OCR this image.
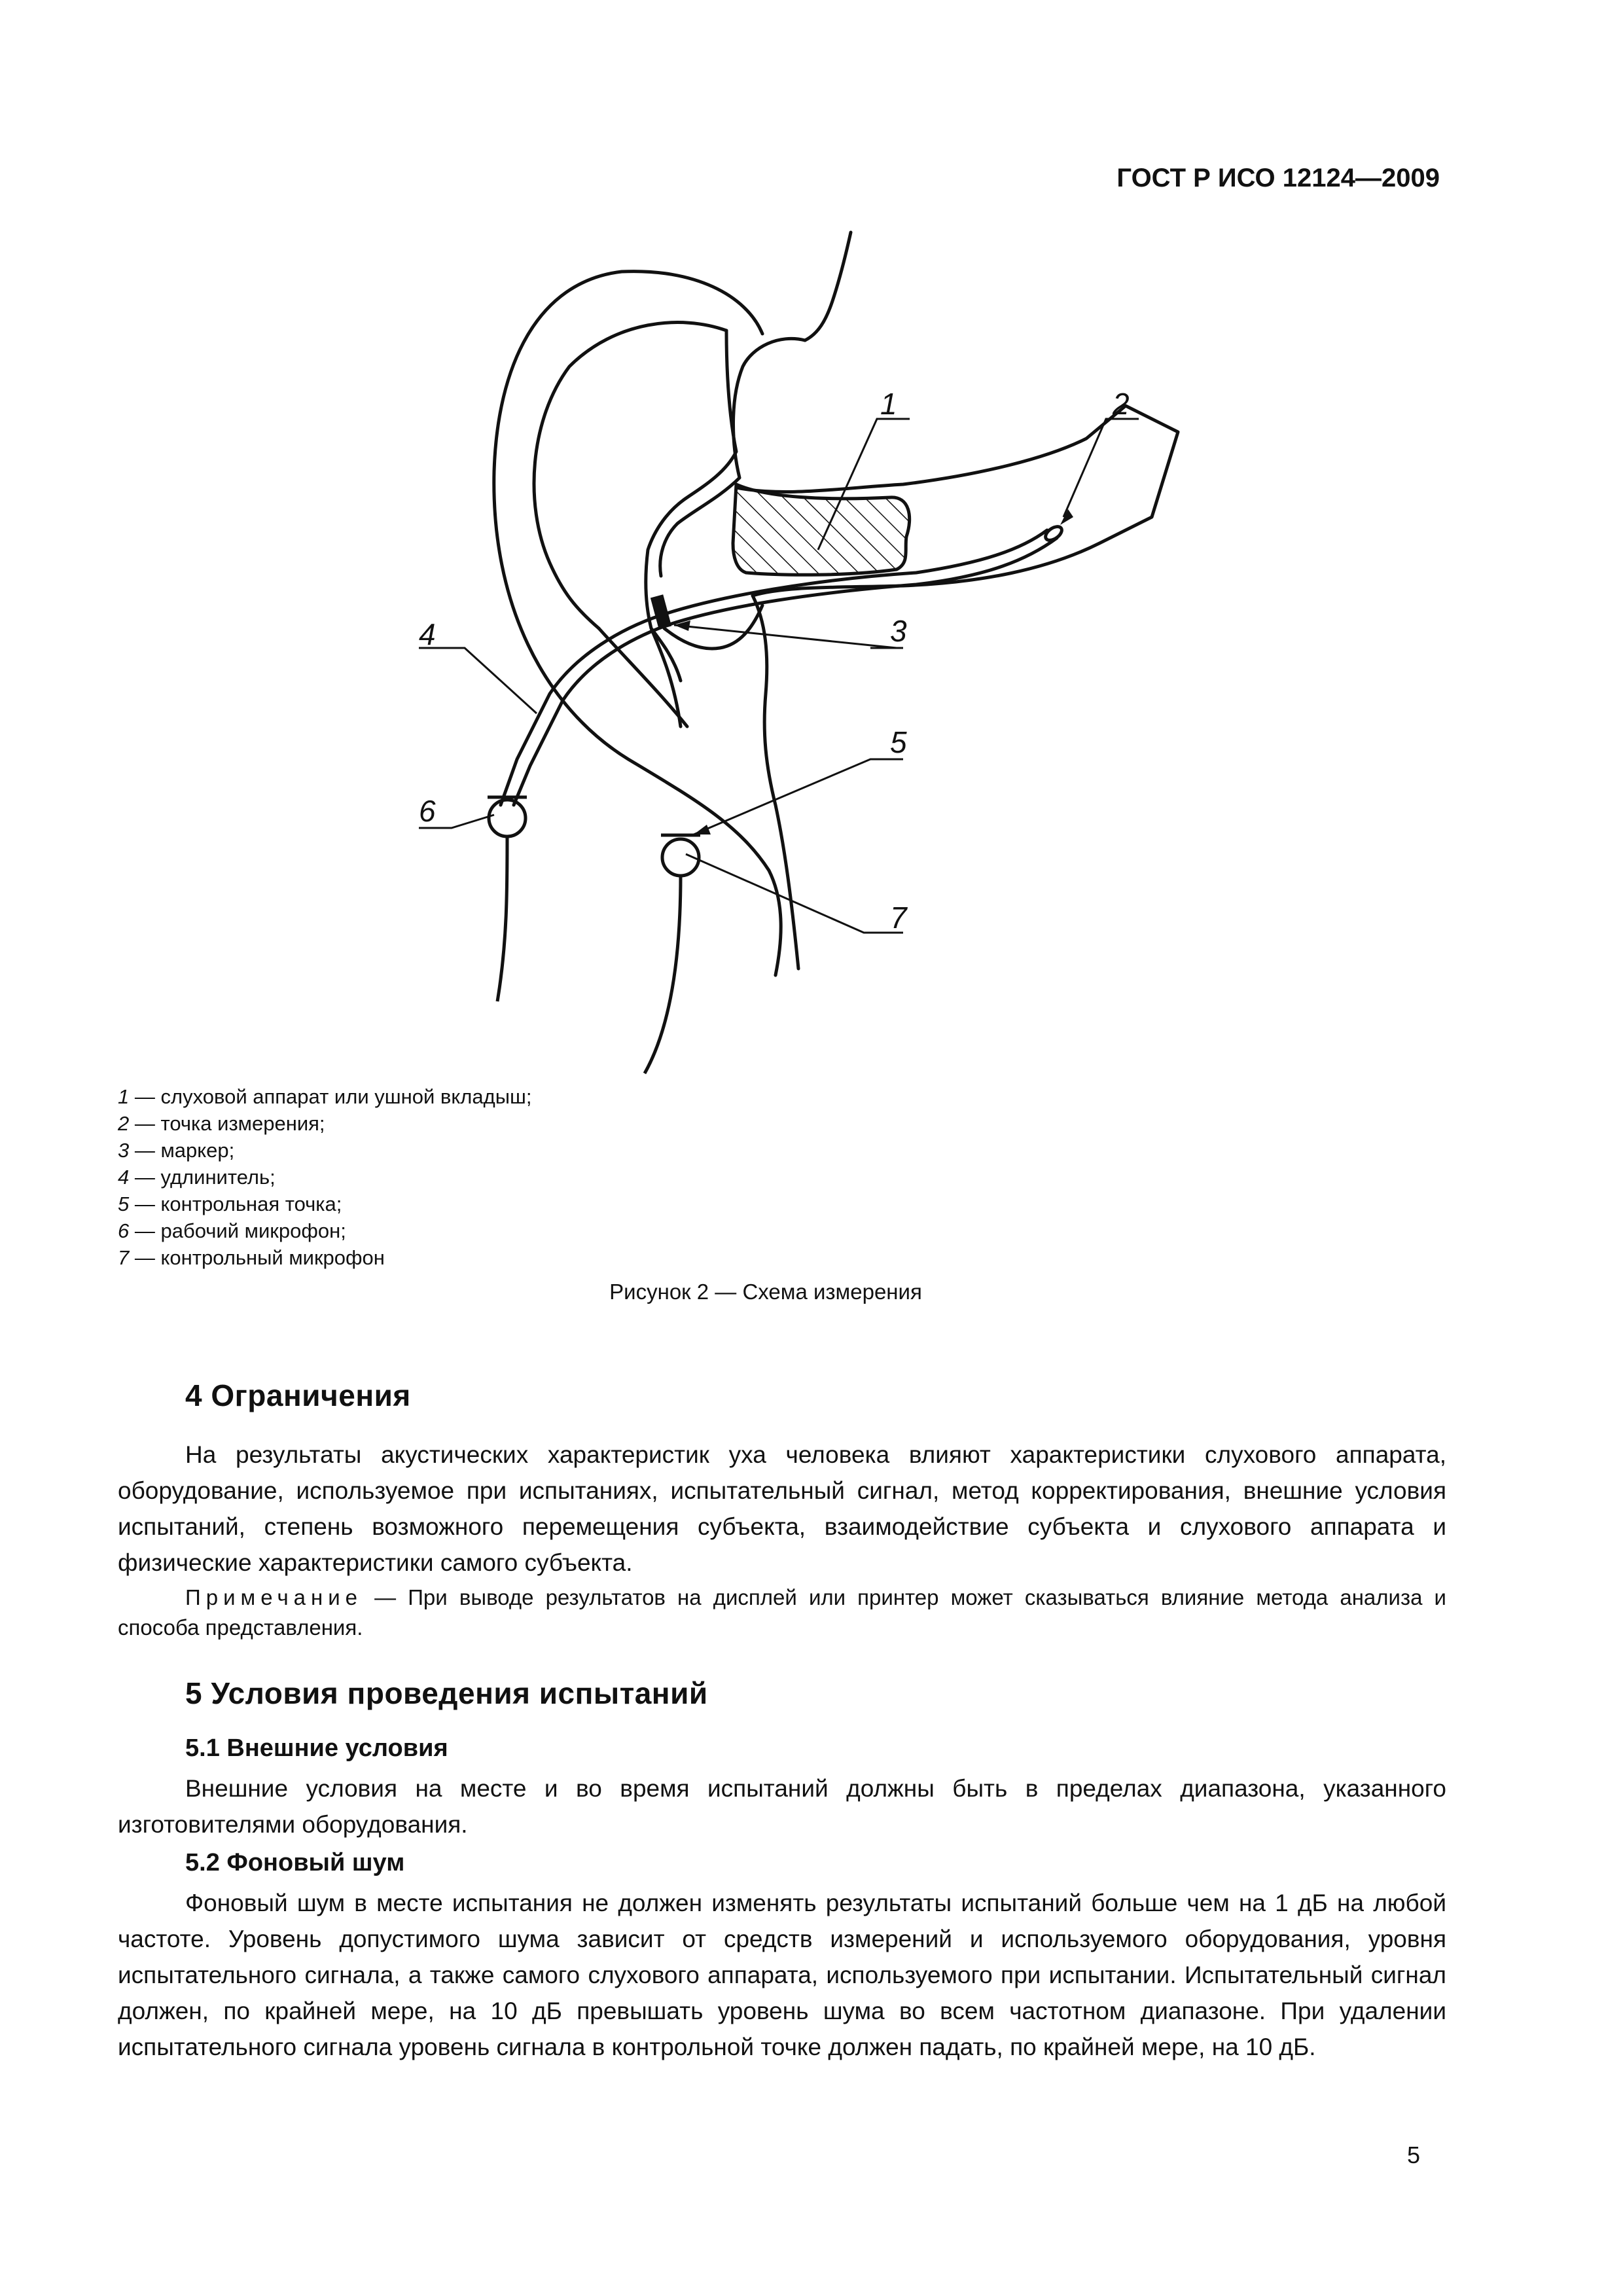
ГОСТ Р ИСО 12124—2009
1	2
3
4
5
6
7
1 — слуховой аппарат или ушной вкладыш;
2 — точка измерения;
3 — маркер;
4 — удлинитель;
5 — контрольная точка;
6 — рабочий микрофон;
7 — контрольный микрофон
Рисунок 2 — Схема измерения
4 Ограничения

На результаты акустических характеристик уха человека влияют характеристики слухового аппарата, оборудование, используемое при испытаниях, испытательный сигнал, метод корректирования, внешние условия испытаний, степень возможного перемещения субъекта, взаимодействие субъекта и слухового аппарата и физические характеристики самого субъекта.

Примечание — При выводе результатов на дисплей или принтер может сказываться влияние метода анализа и способа представления.

5 Условия проведения испытаний
5.1 Внешние условия

Внешние условия на месте и во время испытаний должны быть в пределах диапазона, указанного изготовителями оборудования.

5.2 Фоновый шум

Фоновый шум в месте испытания не должен изменять результаты испытаний больше чем на 1 дБ на любой частоте. Уровень допустимого шума зависит от средств измерений и используемого оборудования, уровня испытательного сигнала, а также самого слухового аппарата, используемого при испытании. Испытательный сигнал должен, по крайней мере, на 10 дБ превышать уровень шума во всем частотном диапазоне. При удалении испытательного сигнала уровень сигнала в контрольной точке должен падать, по крайней мере, на 10 дБ.

5
